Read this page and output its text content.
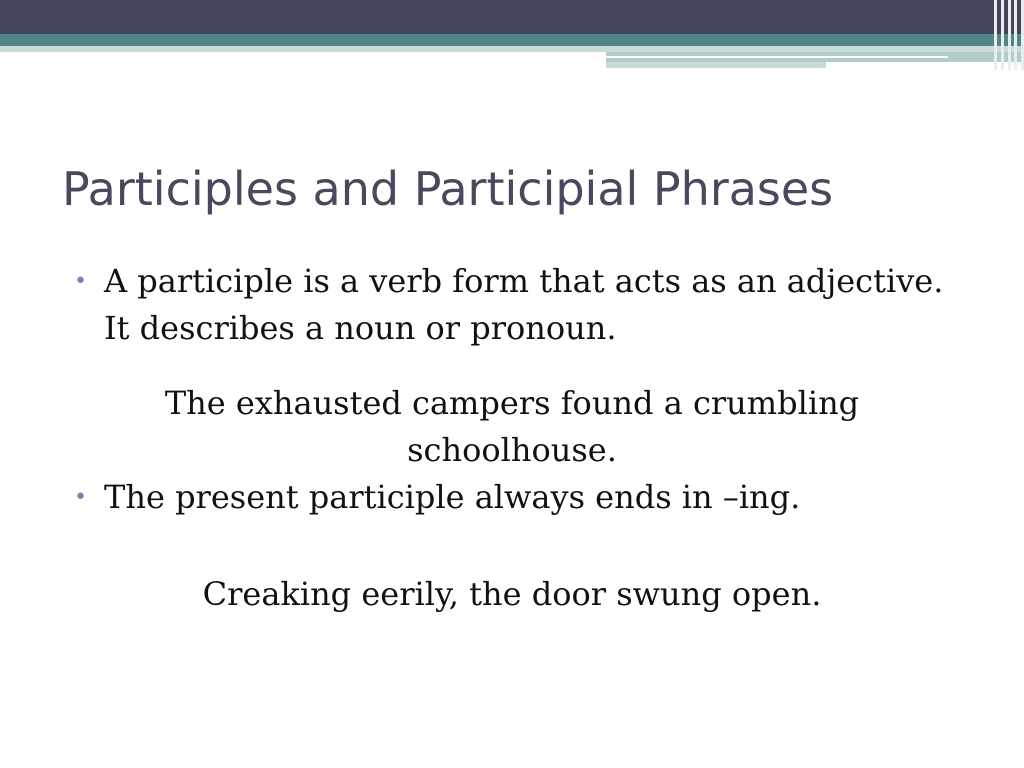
Participles and Participial Phrases

• A participle is a verb form that acts as an adjective. It describes a noun or pronoun.

The exhausted campers found a crumbling schoolhouse.

• The present participle always ends in –ing.

Creaking eerily, the door swung open.
